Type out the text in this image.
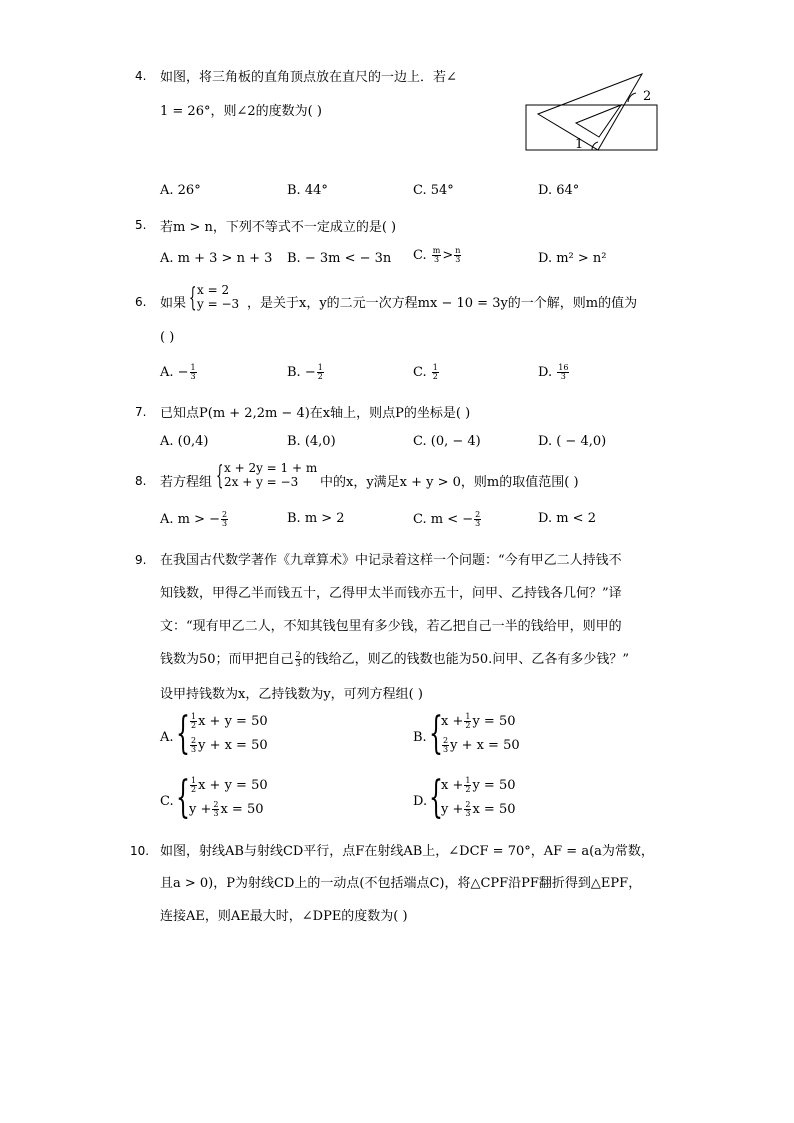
4. 如图，将三角板的直角顶点放在直尺的一边上．若∠
1 = 26°，则∠2的度数为( )
2
1
A. 26°	B. 44°	C. 54°	D. 64°
5. 若m > n，下列不等式不一定成立的是( )
A. m + 3 > n + 3 B. − 3m < − 3n C. $\frac{m}{3} > \frac{n}{3}$	D. m² > n²
6. 如果 { x = 2
y = −3 ，是关于x，y的二元一次方程mx − 10 = 3y的一个解，则m的值为
( )
A. − $\frac{1}{3}$	B. − $\frac{1}{2}$	C. $\frac{1}{2}$	D. $\frac{16}{3}$
7. 已知点P(m + 2,2m − 4)在x轴上，则点P的坐标是( )
A. (0,4)	B. (4,0)	C. (0, − 4)	D. ( − 4,0)
8. 若方程组 { x + 2y = 1 + m
2x + y = −3 中的x，y满足x + y > 0，则m的取值范围( )
A. m > − $\frac{2}{3}$	B. m > 2	C. m < − $\frac{2}{3}$	D. m < 2
9. 在我国古代数学著作《九章算术》中记录着这样一个问题：“今有甲乙二人持钱不
知钱数，甲得乙半而钱五十，乙得甲太半而钱亦五十，问甲、乙持钱各几何？”译
文：“现有甲乙二人，不知其钱包里有多少钱，若乙把自己一半的钱给甲，则甲的
钱数为50；而甲把自己 $\frac{2}{3}$ 的钱给乙，则乙的钱数也能为50.问甲、乙各有多少钱？”
设甲持钱数为x，乙持钱数为y，可列方程组( )
A. { $\frac{1}{2}$ x + y = 50
$\frac{2}{3}$ y + x = 50
B. {
$x + \frac{1}{2}$ y = 50
$\frac{2}{3}$ y + x = 50
C. { $\frac{1}{2}$ x + y = 50
$y + \frac{2}{3}$ x = 50
D. {
$x + \frac{1}{2}$ y = 50
$y + \frac{2}{3}$ x = 50
10. 如图，射线AB与射线CD平行，点F在射线AB上，∠DCF = 70°，AF = a(a为常数，
且a > 0)，P为射线CD上的一动点(不包括端点C)，将△CPF沿PF翻折得到△EPF，
连接AE，则AE最大时，∠DPE的度数为( )
